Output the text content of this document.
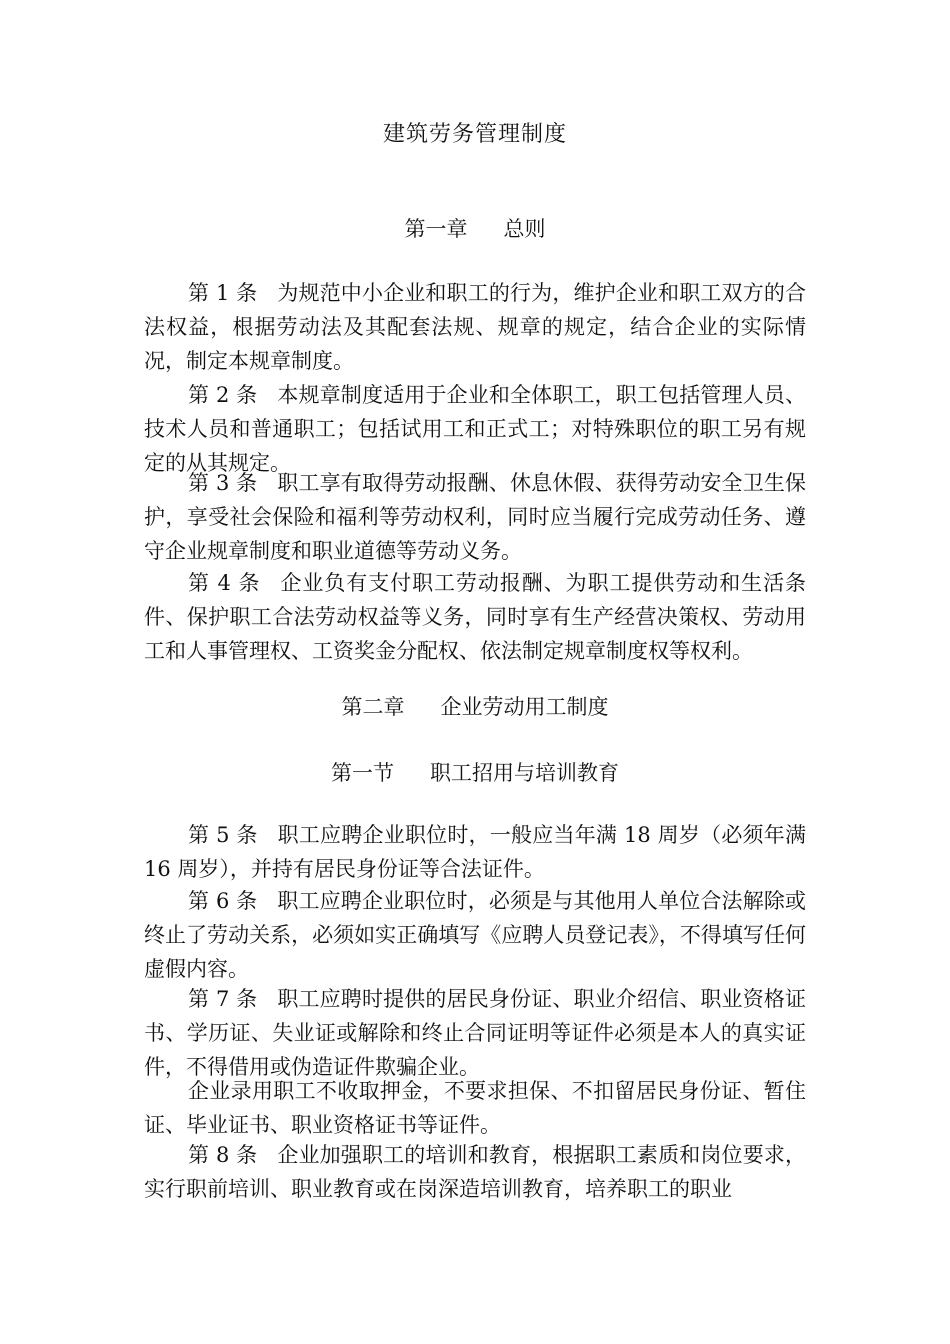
建筑劳务管理制度
第一章 总则

第 1 条 为规范中小企业和职工的行为，维护企业和职工双方的合法权益，根据劳动法及其配套法规、规章的规定，结合企业的实际情况，制定本规章制度。

第 2 条 本规章制度适用于企业和全体职工，职工包括管理人员、技术人员和普通职工；包括试用工和正式工；对特殊职位的职工另有规定的从其规定。

第 3 条 职工享有取得劳动报酬、休息休假、获得劳动安全卫生保护，享受社会保险和福利等劳动权利，同时应当履行完成劳动任务、遵守企业规章制度和职业道德等劳动义务。

第 4 条 企业负有支付职工劳动报酬、为职工提供劳动和生活条件、保护职工合法劳动权益等义务，同时享有生产经营决策权、劳动用工和人事管理权、工资奖金分配权、依法制定规章制度权等权利。

第二章 企业劳动用工制度
第一节 职工招用与培训教育

第 5 条 职工应聘企业职位时，一般应当年满 18 周岁（必须年满 16 周岁），并持有居民身份证等合法证件。

第 6 条 职工应聘企业职位时，必须是与其他用人单位合法解除或终止了劳动关系，必须如实正确填写《应聘人员登记表》，不得填写任何虚假内容。

第 7 条 职工应聘时提供的居民身份证、职业介绍信、职业资格证书、学历证、失业证或解除和终止合同证明等证件必须是本人的真实证件，不得借用或伪造证件欺骗企业。

企业录用职工不收取押金，不要求担保、不扣留居民身份证、暂住证、毕业证书、职业资格证书等证件。

第 8 条 企业加强职工的培训和教育，根据职工素质和岗位要求，实行职前培训、职业教育或在岗深造培训教育，培养职工的职业
